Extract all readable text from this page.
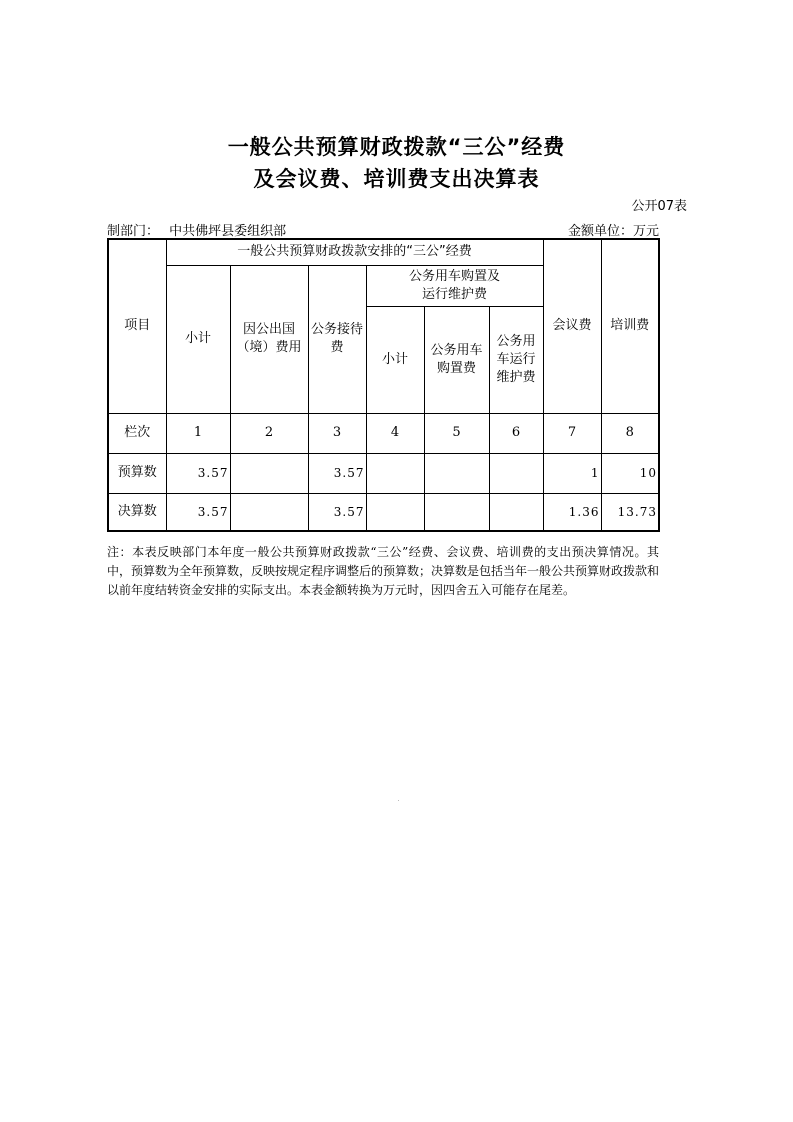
一般公共预算财政拨款“三公”经费
及会议费、培训费支出决算表
公开07表
制部门： 中共佛坪县委组织部	金额单位：万元
项目	一般公共预算财政拨款安排的“三公”经费						会议费	培训费
	小计	因公出国（境）费用	公务接待费	公务用车购置及运行维护费				
				小计	公务用车购置费	公务用车运行维护费		

栏次	1	2	3	4	5	6	7	8
预算数	3.57		3.57				1	10
决算数	3.57		3.57				1.36	13.73
注：本表反映部门本年度一般公共预算财政拨款“三公”经费、会议费、培训费的支出预决算情况。其中，预算数为全年预算数，反映按规定程序调整后的预算数；决算数是包括当年一般公共预算财政拨款和以前年度结转资金安排的实际支出。本表金额转换为万元时，因四舍五入可能存在尾差。
